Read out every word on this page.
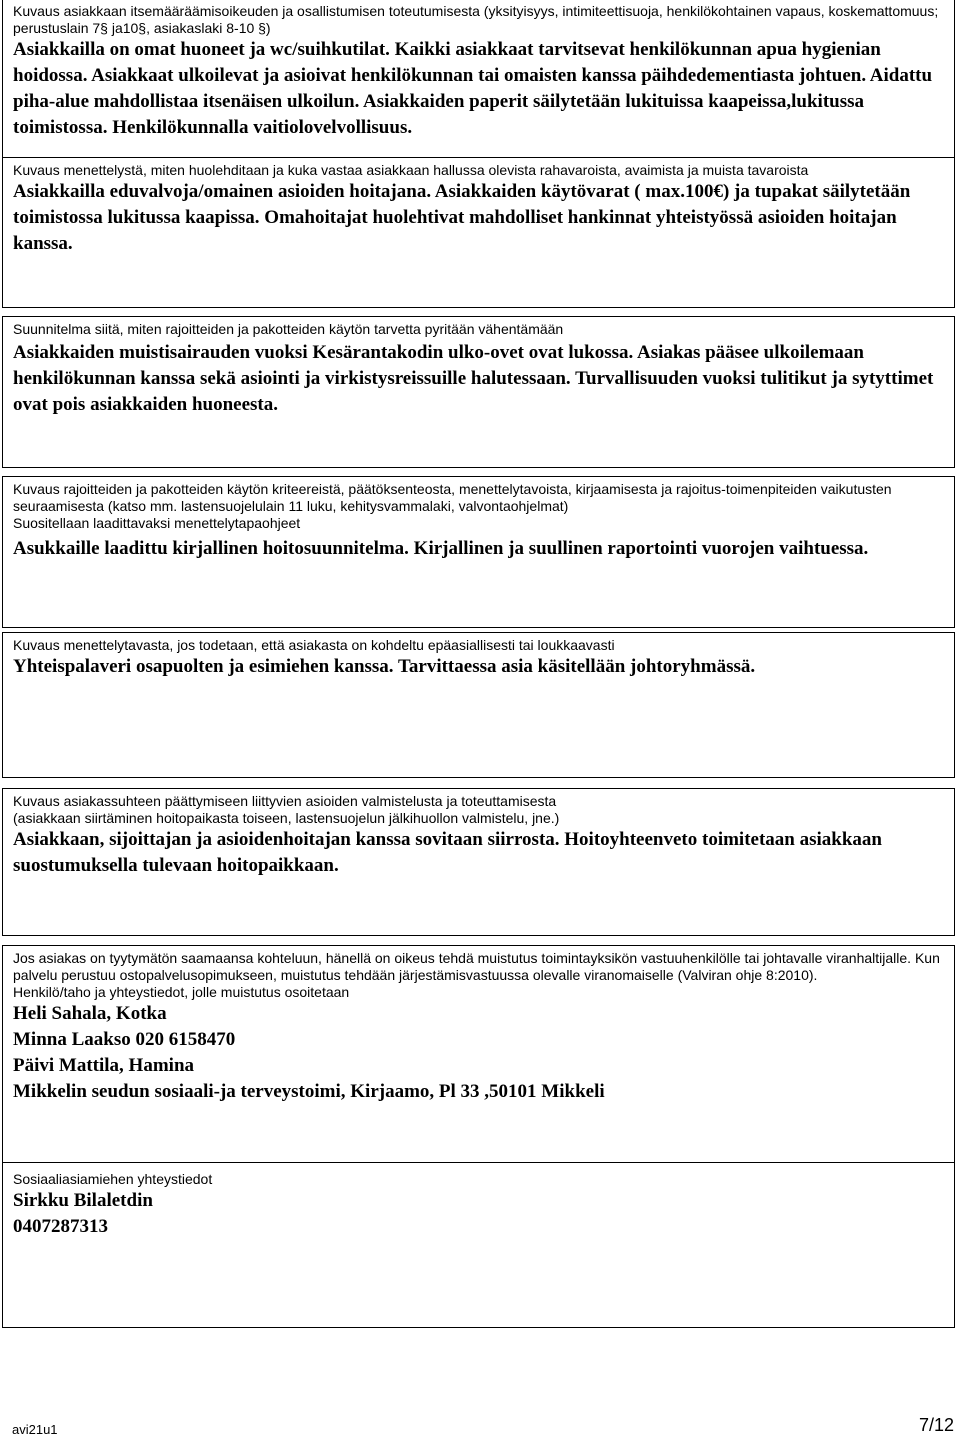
Kuvaus asiakkaan itsemääräämisoikeuden ja osallistumisen toteutumisesta (yksityisyys, intimiteettisuoja, henkilökohtainen vapaus, koskemattomuus; perustuslain 7§ ja10§, asiakaslaki 8-10 §)
Asiakkailla on omat huoneet ja wc/suihkutilat. Kaikki asiakkaat tarvitsevat henkilökunnan apua hygienian hoidossa. Asiakkaat ulkoilevat ja asioivat henkilökunnan tai omaisten kanssa päihdedementiasta johtuen. Aidattu piha-alue mahdollistaa itsenäisen ulkoilun. Asiakkaiden paperit säilytetään lukituissa kaapeissa,lukitussa toimistossa. Henkilökunnalla vaitiolovelvollisuus.
Kuvaus menettelystä, miten huolehditaan ja kuka vastaa asiakkaan hallussa olevista rahavaroista, avaimista ja muista tavaroista
Asiakkailla eduvalvoja/omainen asioiden hoitajana. Asiakkaiden käytövarat ( max.100€) ja tupakat säilytetään toimistossa lukitussa kaapissa. Omahoitajat huolehtivat mahdolliset hankinnat yhteistyössä asioiden hoitajan kanssa.
Suunnitelma siitä, miten rajoitteiden ja pakotteiden käytön tarvetta pyritään vähentämään
Asiakkaiden muistisairauden vuoksi Kesärantakodin ulko-ovet ovat lukossa. Asiakas pääsee ulkoilemaan henkilökunnan kanssa sekä asiointi ja virkistysreissuille halutessaan. Turvallisuuden vuoksi tulitikut ja sytyttimet ovat pois asiakkaiden huoneesta.
Kuvaus rajoitteiden ja pakotteiden käytön kriteereistä, päätöksenteosta, menettelytavoista, kirjaamisesta ja rajoitus-toimenpiteiden vaikutusten seuraamisesta (katso mm. lastensuojelulain 11 luku, kehitysvammalaki, valvontaohjelmat)
Suositellaan laadittavaksi menettelytapaohjeet
Asukkaille laadittu kirjallinen hoitosuunnitelma. Kirjallinen ja suullinen raportointi vuorojen vaihtuessa.
Kuvaus menettelytavasta, jos todetaan, että asiakasta on kohdeltu epäasiallisesti tai loukkaavasti
Yhteispalaveri osapuolten ja esimiehen kanssa. Tarvittaessa asia käsitellään johtoryhmässä.
Kuvaus asiakassuhteen päättymiseen liittyvien asioiden valmistelusta ja toteuttamisesta
(asiakkaan siirtäminen hoitopaikasta toiseen, lastensuojelun jälkihuollon valmistelu, jne.)
Asiakkaan, sijoittajan ja asioidenhoitajan kanssa sovitaan siirrosta. Hoitoyhteenveto toimitetaan asiakkaan suostumuksella tulevaan hoitopaikkaan.
Jos asiakas on tyytymätön saamaansa kohteluun, hänellä on oikeus tehdä muistutus toimintayksikön vastuuhenkilölle tai johtavalle viranhaltijalle. Kun palvelu perustuu ostopalvelusopimukseen, muistutus tehdään järjestämisvastuussa olevalle viranomaiselle (Valviran ohje 8:2010).
Henkilö/taho ja yhteystiedot, jolle muistutus osoitetaan
Heli Sahala, Kotka
Minna Laakso 020 6158470
Päivi Mattila, Hamina
Mikkelin seudun sosiaali-ja terveystoimi, Kirjaamo, Pl 33 ,50101 Mikkeli
Sosiaaliasiamiehen yhteystiedot
Sirkku Bilaletdin
0407287313
avi21u1	7/12
